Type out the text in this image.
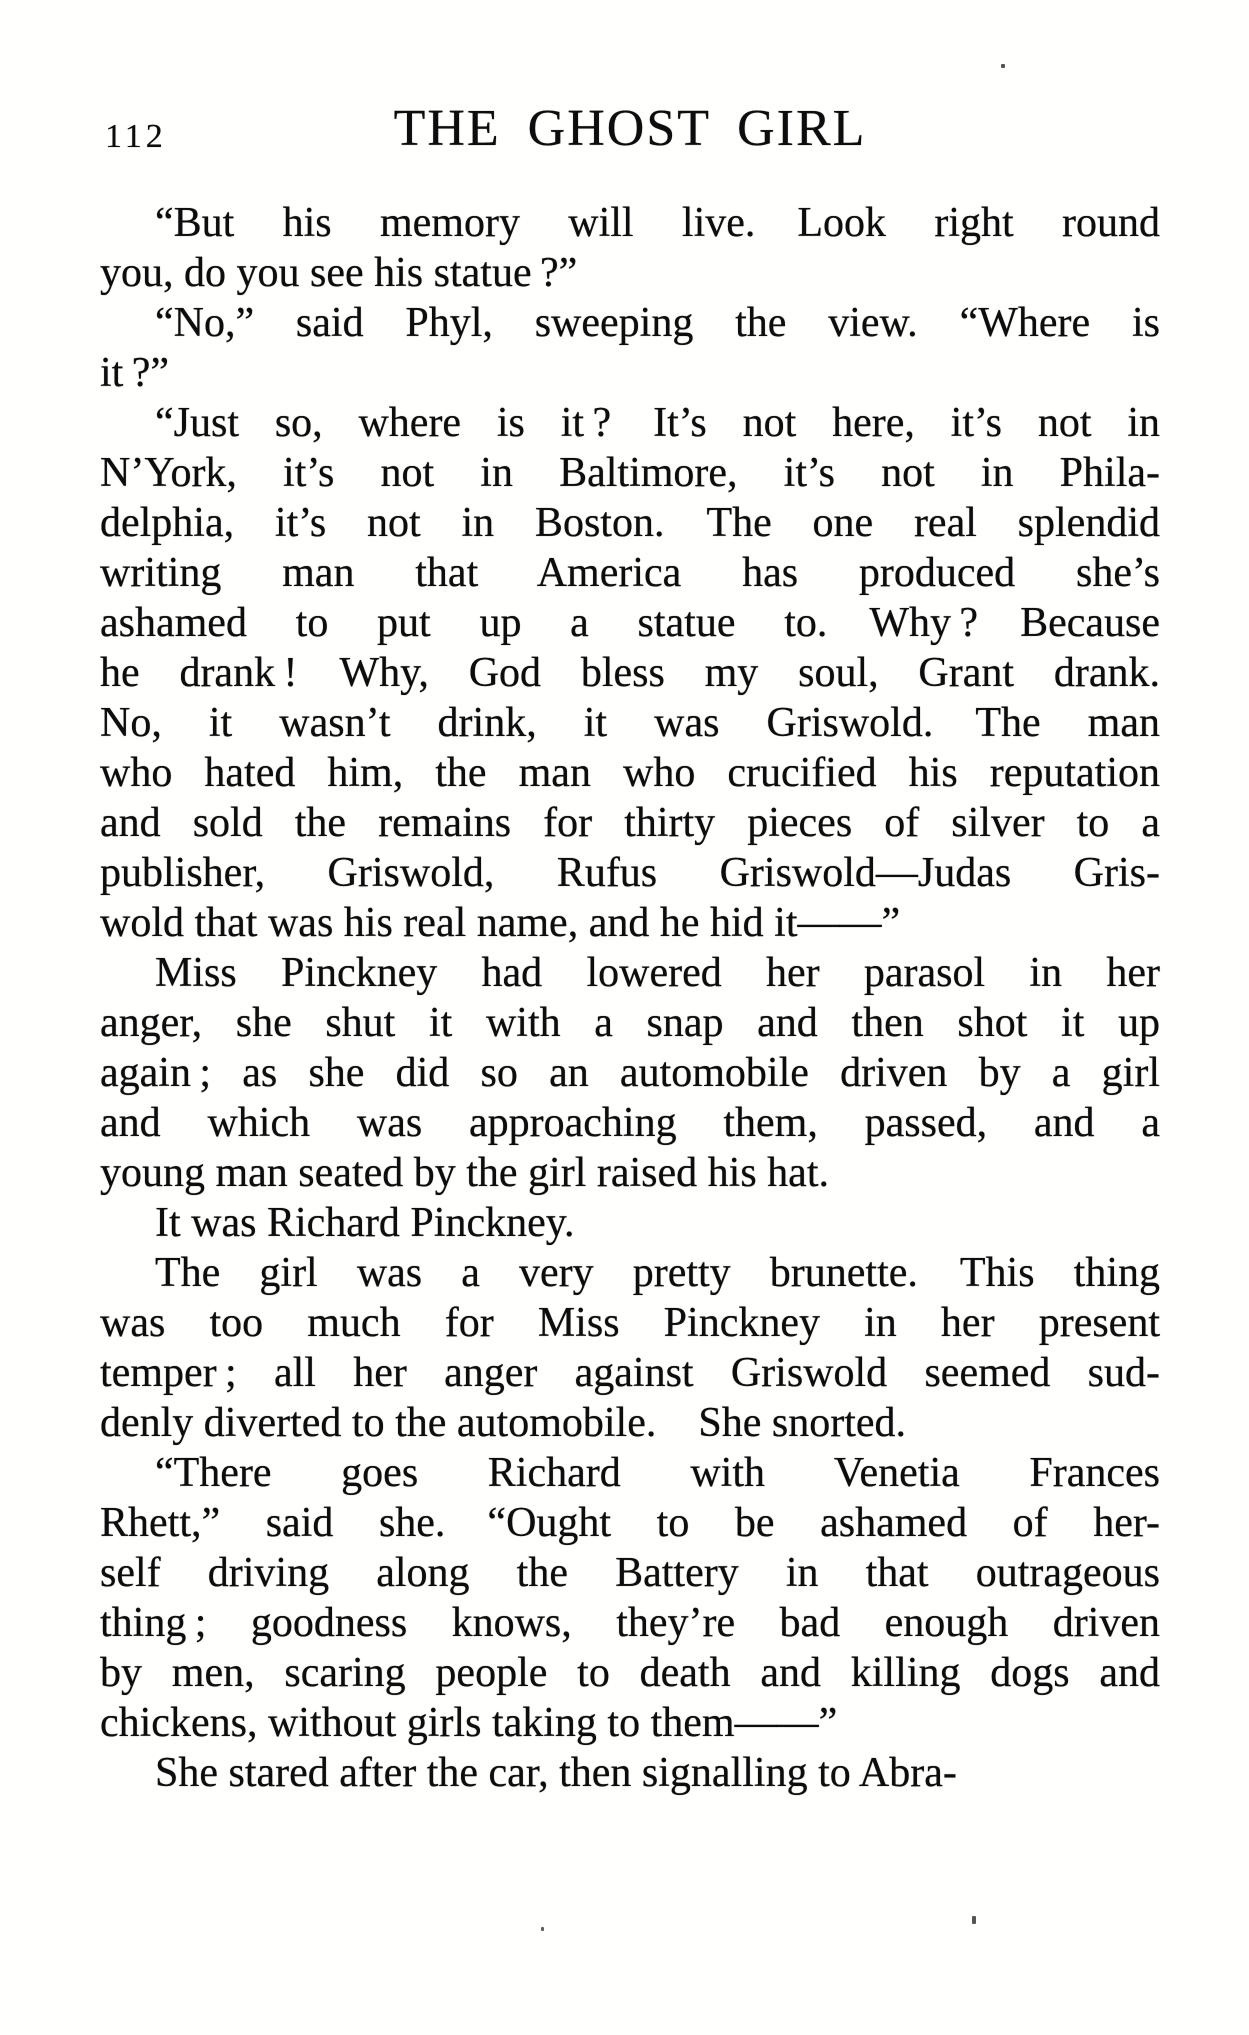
112	THE GHOST GIRL
“But his memory will live. Look right round
you, do you see his statue ?”
“No,” said Phyl, sweeping the view. “Where is
it ?”
“Just so, where is it ? It’s not here, it’s not in
N’York, it’s not in Baltimore, it’s not in Phila-
delphia, it’s not in Boston. The one real splendid
writing man that America has produced she’s
ashamed to put up a statue to. Why ? Because
he drank ! Why, God bless my soul, Grant drank.
No, it wasn’t drink, it was Griswold. The man
who hated him, the man who crucified his reputation
and sold the remains for thirty pieces of silver to a
publisher, Griswold, Rufus Griswold—Judas Gris-
wold that was his real name, and he hid it——”
Miss Pinckney had lowered her parasol in her
anger, she shut it with a snap and then shot it up
again ; as she did so an automobile driven by a girl
and which was approaching them, passed, and a
young man seated by the girl raised his hat.
It was Richard Pinckney.
The girl was a very pretty brunette. This thing
was too much for Miss Pinckney in her present
temper ; all her anger against Griswold seemed sud-
denly diverted to the automobile. She snorted.
“There goes Richard with Venetia Frances
Rhett,” said she. “Ought to be ashamed of her-
self driving along the Battery in that outrageous
thing ; goodness knows, they’re bad enough driven
by men, scaring people to death and killing dogs and
chickens, without girls taking to them——”
She stared after the car, then signalling to Abra-
